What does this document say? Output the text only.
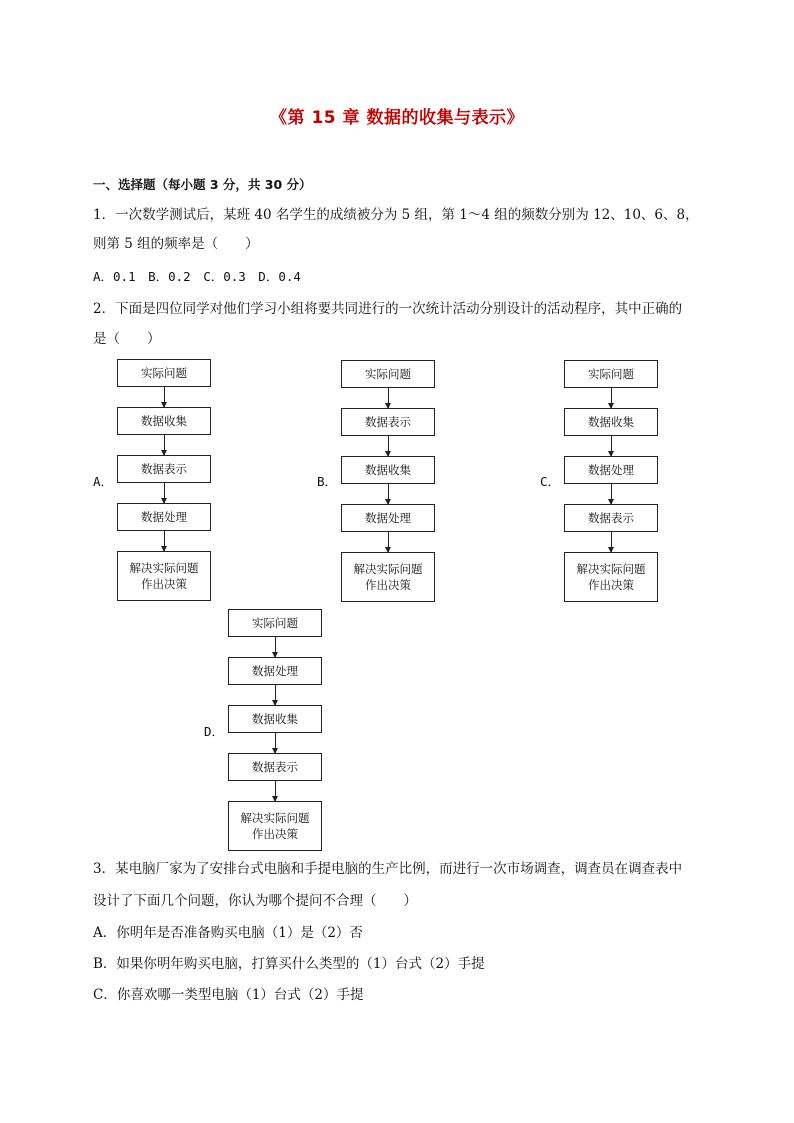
《第 15 章 数据的收集与表示》
一、选择题（每小题 3 分，共 30 分）
1．一次数学测试后，某班 40 名学生的成绩被分为 5 组，第 1～4 组的频数分别为 12、10、6、8，
则第 5 组的频率是（　　）
A．0.1　B．0.2　C．0.3　D．0.4
2．下面是四位同学对他们学习小组将要共同进行的一次统计活动分别设计的活动程序，其中正确的
是（　　）
A．
实际问题
数据收集
数据表示
数据处理
解决实际问题
作出决策
B．
实际问题
数据表示
数据收集
数据处理
解决实际问题
作出决策
C．
实际问题
数据收集
数据处理
数据表示
解决实际问题
作出决策
D．
实际问题
数据处理
数据收集
数据表示
解决实际问题
作出决策
3．某电脑厂家为了安排台式电脑和手提电脑的生产比例，而进行一次市场调查，调查员在调查表中
设计了下面几个问题，你认为哪个提问不合理（　　）
A．你明年是否准备购买电脑（1）是（2）否
B．如果你明年购买电脑，打算买什么类型的（1）台式（2）手提
C．你喜欢哪一类型电脑（1）台式（2）手提
